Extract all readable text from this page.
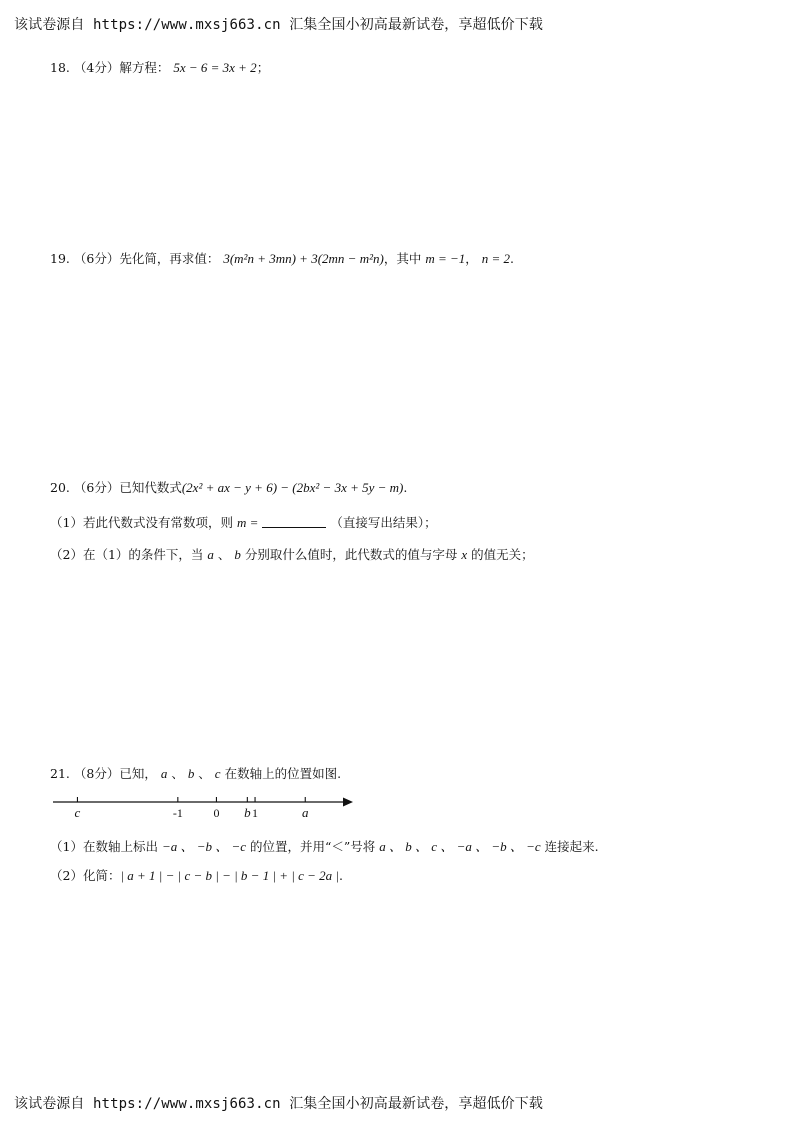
该试卷源自 https://www.mxsj663.cn 汇集全国小初高最新试卷，享超低价下载
18. （4分）解方程： 5x − 6 = 3x + 2；
19. （6分）先化简，再求值： 3(m²n + 3mn) + 3(2mn − m²n)，其中 m = −1， n = 2.
20. （6分）已知代数式(2x² + ax − y + 6) − (2bx² − 3x + 5y − m).
（1）若此代数式没有常数项，则 m =	（直接写出结果）；
（2）在（1）的条件下，当 a 、 b 分别取什么值时，此代数式的值与字母 x 的值无关；
21. （8分）已知， a 、 b 、 c 在数轴上的位置如图.
c	-1	0 b 1	a
（1）在数轴上标出 −a 、 −b 、 −c 的位置，并用“＜”号将 a 、 b 、 c 、 −a 、 −b 、 −c 连接起来.
（2）化简：| a + 1 | − | c − b | − | b − 1 | + | c − 2a |.
该试卷源自 https://www.mxsj663.cn 汇集全国小初高最新试卷，享超低价下载
